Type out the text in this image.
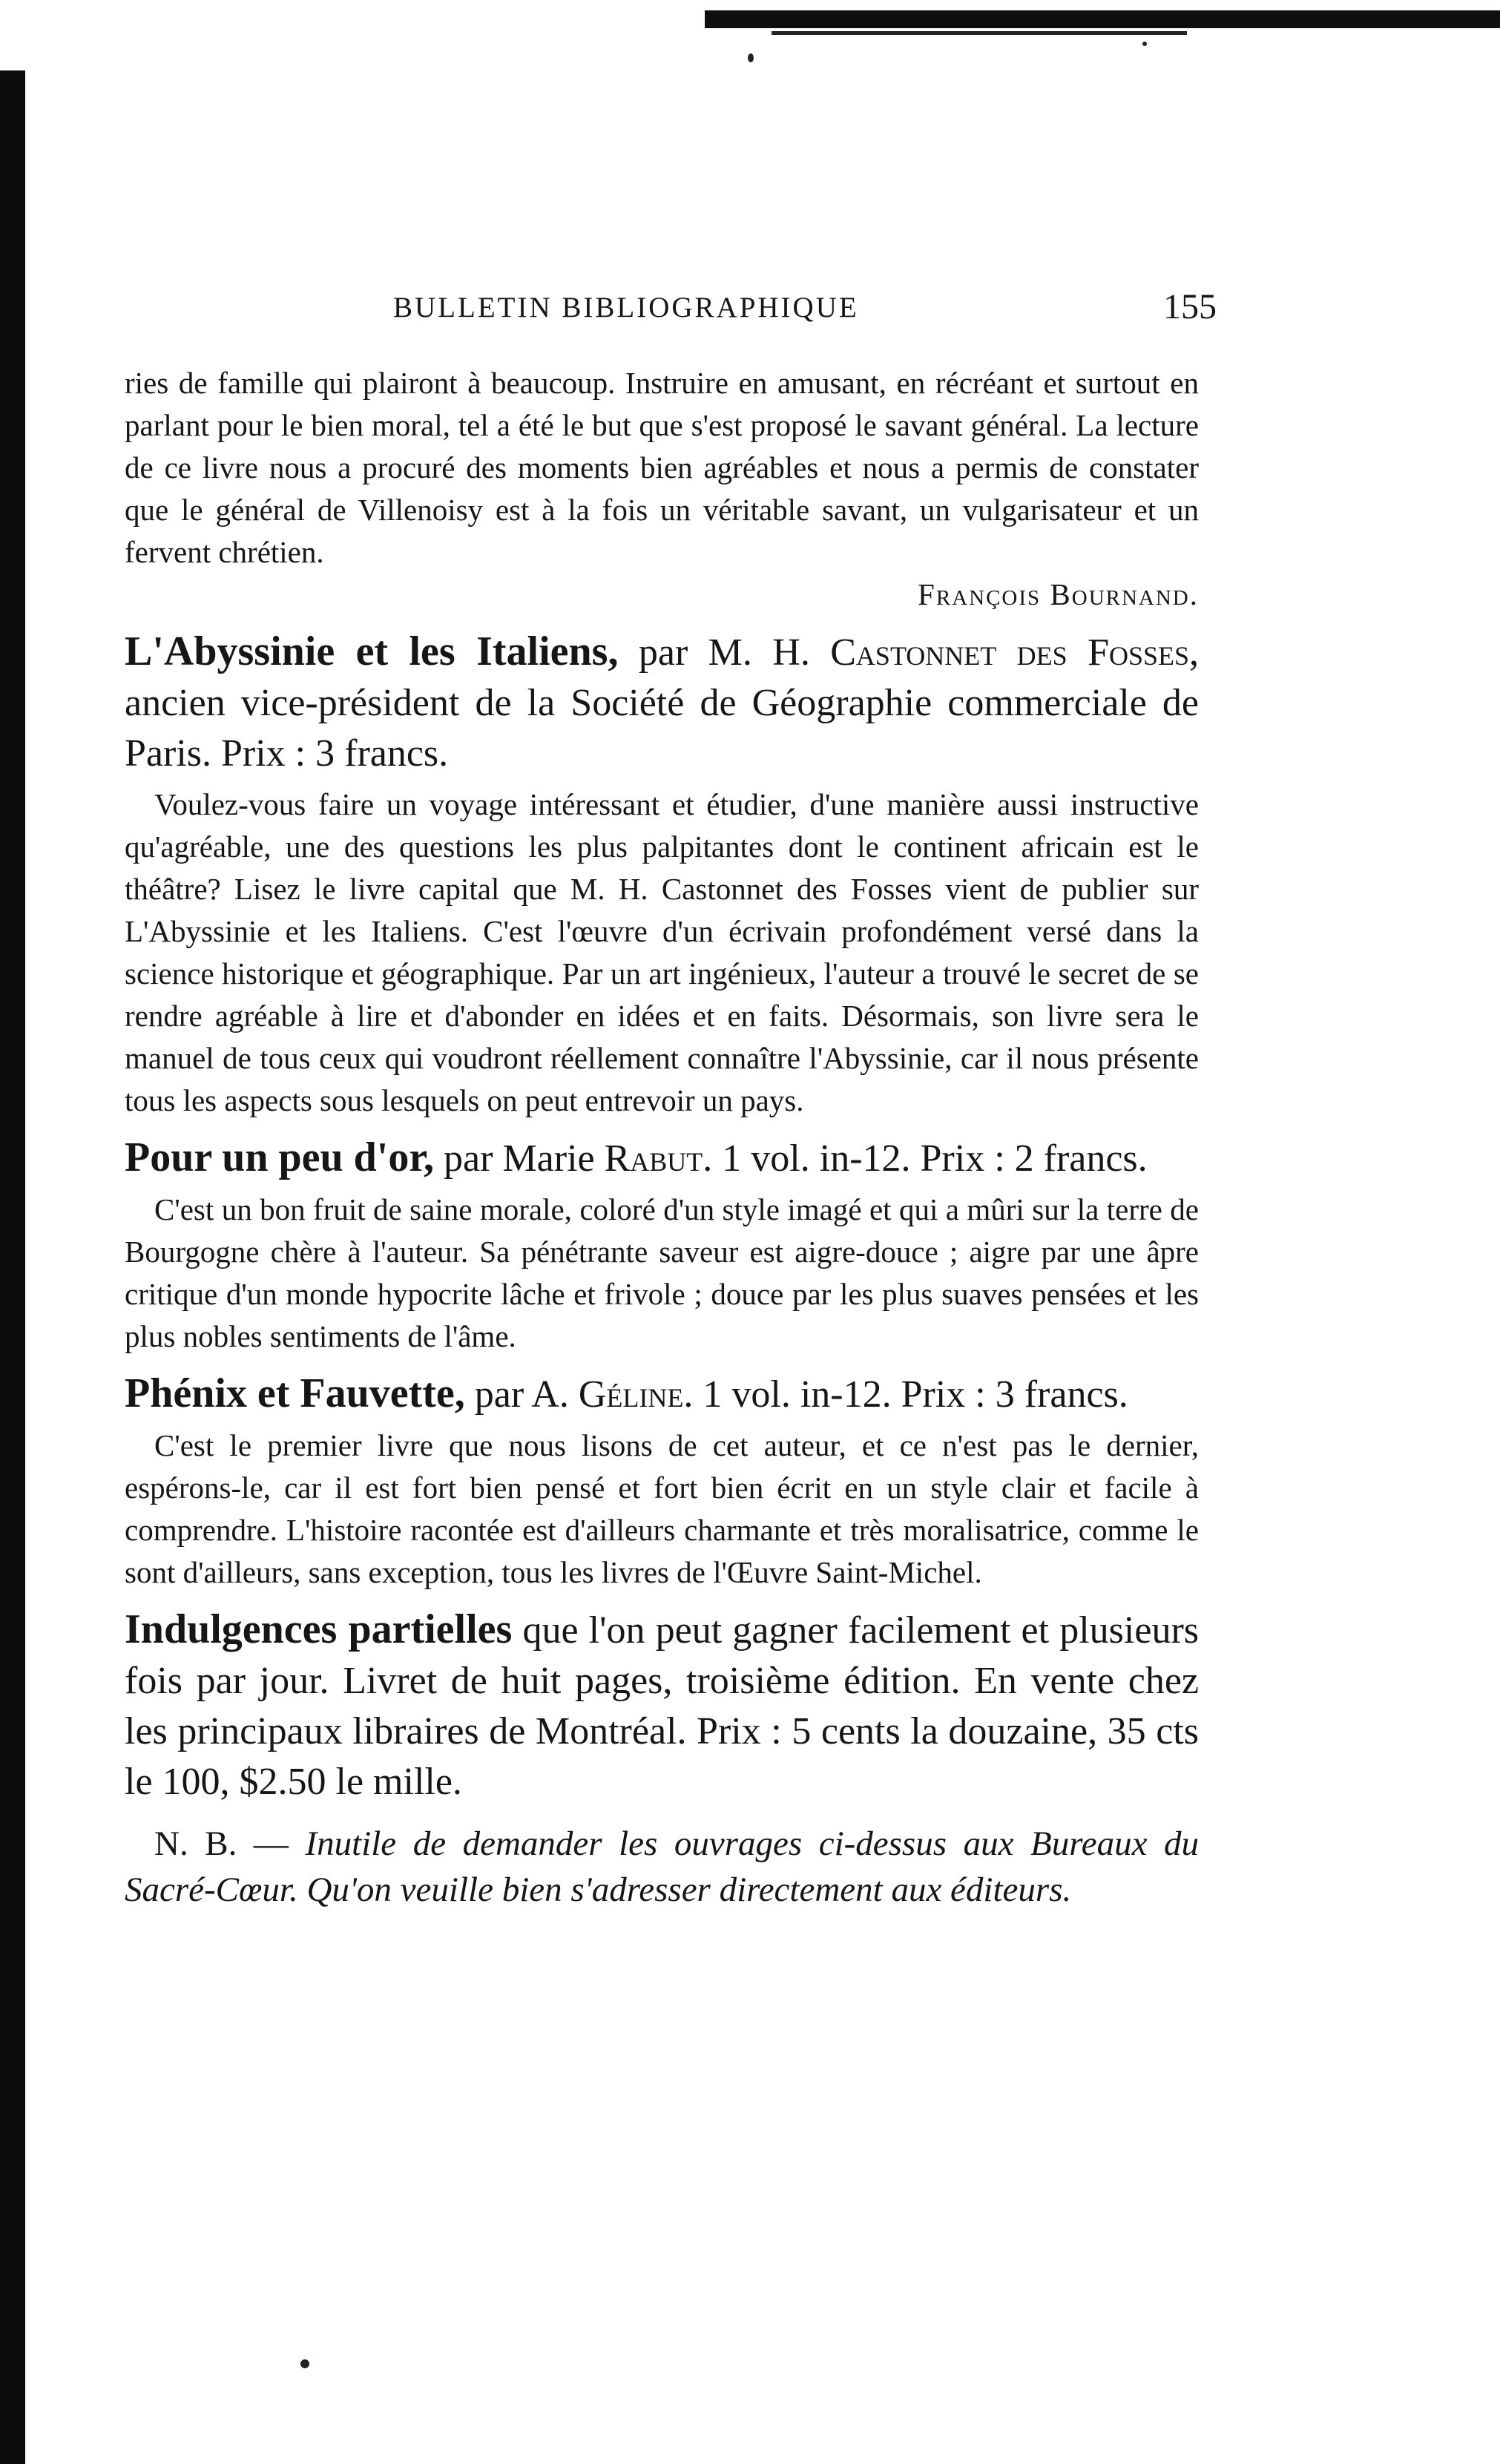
BULLETIN BIBLIOGRAPHIQUE	155

ries de famille qui plairont à beaucoup. Instruire en amusant, en récréant et surtout en parlant pour le bien moral, tel a été le but que s'est proposé le savant général. La lecture de ce livre nous a procuré des moments bien agréables et nous a permis de constater que le général de Villenoisy est à la fois un véritable savant, un vulgarisateur et un fervent chrétien.

François Bournand.

L'Abyssinie et les Italiens, par M. H. Castonnet des Fosses, ancien vice-président de la Société de Géographie commerciale de Paris. Prix : 3 francs.

Voulez-vous faire un voyage intéressant et étudier, d'une manière aussi instructive qu'agréable, une des questions les plus palpitantes dont le continent africain est le théâtre? Lisez le livre capital que M. H. Castonnet des Fosses vient de publier sur L'Abyssinie et les Italiens. C'est l'œuvre d'un écrivain profondément versé dans la science historique et géographique. Par un art ingénieux, l'auteur a trouvé le secret de se rendre agréable à lire et d'abonder en idées et en faits. Désormais, son livre sera le manuel de tous ceux qui voudront réellement connaître l'Abyssinie, car il nous présente tous les aspects sous lesquels on peut entrevoir un pays.

Pour un peu d'or, par Marie Rabut. 1 vol. in-12. Prix : 2 francs.

C'est un bon fruit de saine morale, coloré d'un style imagé et qui a mûri sur la terre de Bourgogne chère à l'auteur. Sa pénétrante saveur est aigre-douce ; aigre par une âpre critique d'un monde hypocrite lâche et frivole ; douce par les plus suaves pensées et les plus nobles sentiments de l'âme.

Phénix et Fauvette, par A. Géline. 1 vol. in-12. Prix : 3 francs.

C'est le premier livre que nous lisons de cet auteur, et ce n'est pas le dernier, espérons-le, car il est fort bien pensé et fort bien écrit en un style clair et facile à comprendre. L'histoire racontée est d'ailleurs charmante et très moralisatrice, comme le sont d'ailleurs, sans exception, tous les livres de l'Œuvre Saint-Michel.

Indulgences partielles que l'on peut gagner facilement et plusieurs fois par jour. Livret de huit pages, troisième édition. En vente chez les principaux libraires de Montréal. Prix : 5 cents la douzaine, 35 cts le 100, $2.50 le mille.

N. B. — Inutile de demander les ouvrages ci-dessus aux Bureaux du Sacré-Cœur. Qu'on veuille bien s'adresser directement aux éditeurs.
